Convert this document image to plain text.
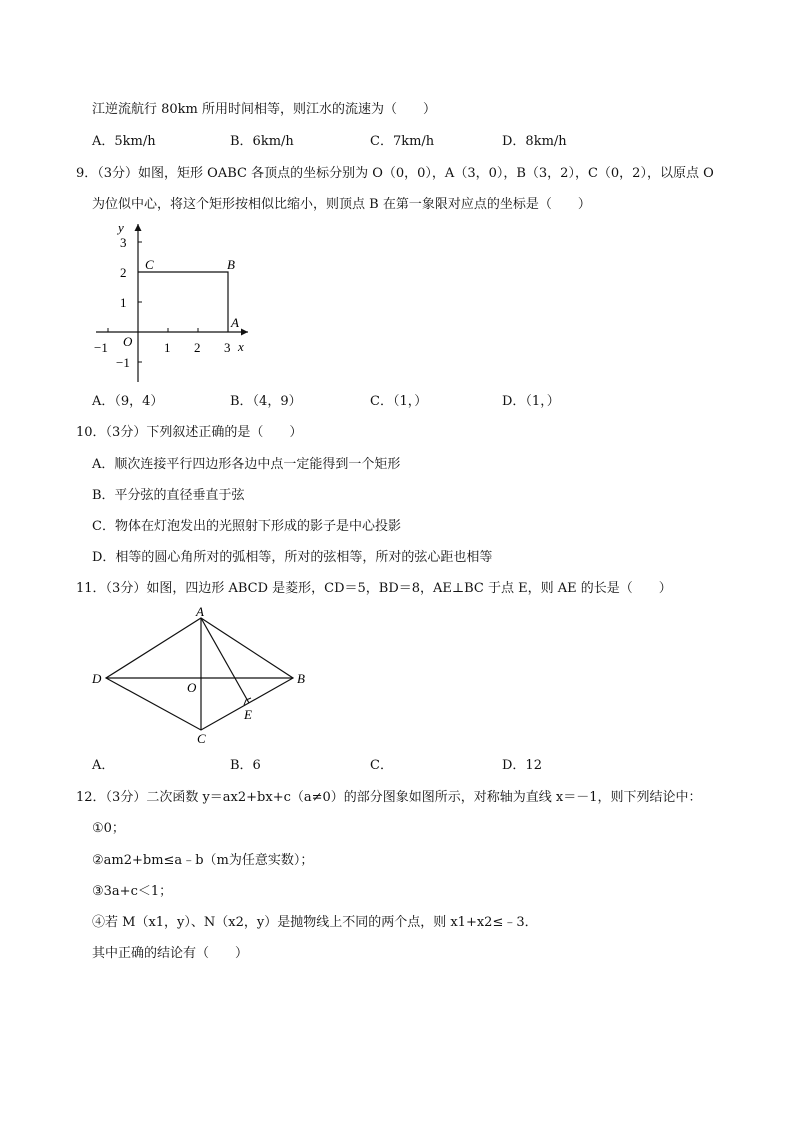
江逆流航行 80km 所用时间相等，则江水的流速为（　　）
A．5km/h	B．6km/h	C．7km/h	D．8km/h
9．（3分）如图，矩形 OABC 各顶点的坐标分别为 O（0，0），A（3，0），B（3，2），C（0，2），以原点 O
为位似中心，将这个矩形按相似比缩小，则顶点 B 在第一象限对应点的坐标是（　　）
y
x
3
2
1
−1
−1	1 2 3
O
A
B
C
A．（9，4）	B．（4，9）	C．（1，）	D．（1，）
10．（3分）下列叙述正确的是（　　）
A．顺次连接平行四边形各边中点一定能得到一个矩形
B．平分弦的直径垂直于弦
C．物体在灯泡发出的光照射下形成的影子是中心投影
D．相等的圆心角所对的弧相等，所对的弦相等，所对的弦心距也相等
11．（3分）如图，四边形 ABCD 是菱形，CD＝5，BD＝8，AE⊥BC 于点 E，则 AE 的长是（　　）
A
B
C
D
O
E
A．	B．6	C．	D．12
12．（3分）二次函数 y＝ax2+bx+c（a≠0）的部分图象如图所示，对称轴为直线 x＝－1，则下列结论中：
①0；
②am2+bm≤a﹣b（m为任意实数）；
③3a+c＜1；
④若 M（x1，y）、N（x2，y）是抛物线上不同的两个点，则 x1+x2≤﹣3．
其中正确的结论有（　　）
